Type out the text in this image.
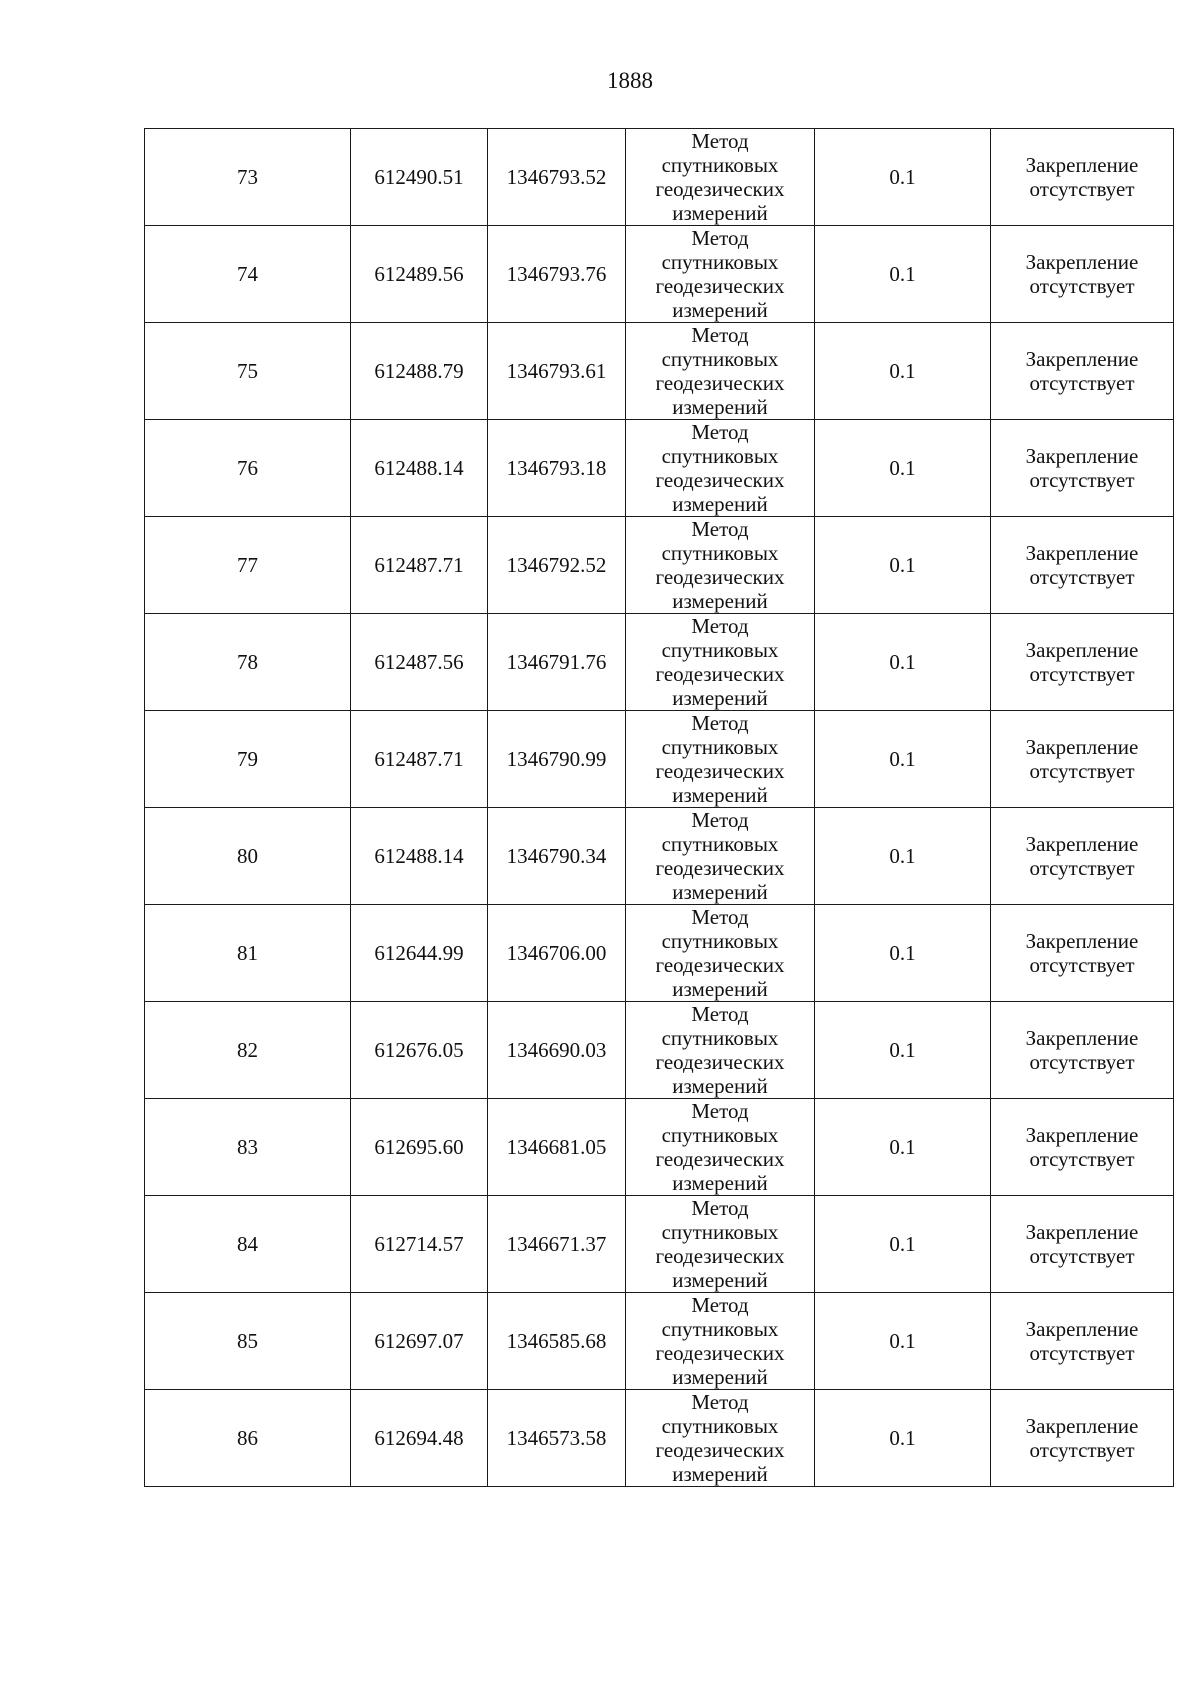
1888
73	612490.51	1346793.52	Метод спутниковых геодезических измерений	0.1	Закрепление отсутствует

74	612489.56	1346793.76	Метод спутниковых геодезических измерений	0.1	Закрепление отсутствует

75	612488.79	1346793.61	Метод спутниковых геодезических измерений	0.1	Закрепление отсутствует

76	612488.14	1346793.18	Метод спутниковых геодезических измерений	0.1	Закрепление отсутствует

77	612487.71	1346792.52	Метод спутниковых геодезических измерений	0.1	Закрепление отсутствует

78	612487.56	1346791.76	Метод спутниковых геодезических измерений	0.1	Закрепление отсутствует

79	612487.71	1346790.99	Метод спутниковых геодезических измерений	0.1	Закрепление отсутствует

80	612488.14	1346790.34	Метод спутниковых геодезических измерений	0.1	Закрепление отсутствует

81	612644.99	1346706.00	Метод спутниковых геодезических измерений	0.1	Закрепление отсутствует

82	612676.05	1346690.03	Метод спутниковых геодезических измерений	0.1	Закрепление отсутствует

83	612695.60	1346681.05	Метод спутниковых геодезических измерений	0.1	Закрепление отсутствует

84	612714.57	1346671.37	Метод спутниковых геодезических измерений	0.1	Закрепление отсутствует

85	612697.07	1346585.68	Метод спутниковых геодезических измерений	0.1	Закрепление отсутствует

86	612694.48	1346573.58	Метод спутниковых геодезических измерений	0.1	Закрепление отсутствует
